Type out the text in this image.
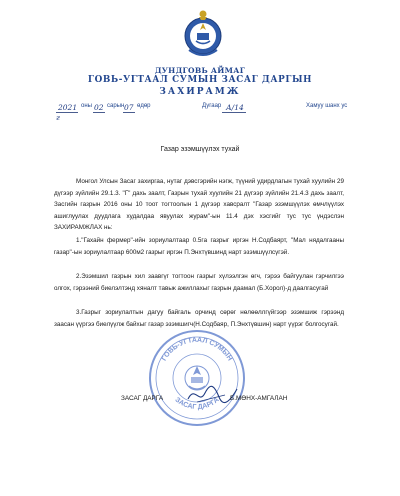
ДУНДГОВЬ АЙМАГ
ГОВЬ-УГТААЛ СУМЫН ЗАСАГ ДАРГЫН
ЗАХИРАМЖ
2021 оны 02 сарын 07 өдөр	Дугаар А/14	Хамуу шанх ус
г
Газар эзэмшүүлэх тухай

Монгол Улсын Засаг захиргаа, нутаг дэвсгэрийн нэгж, түүний удирдлагын тухай хуулийн 29 дүгээр зүйлийн 29.1.3. "Г" дахь заалт, Газрын тухай хуулийн 21 дүгээр зүйлийн 21.4.3 дахь заалт, Засгийн газрын 2016 оны 10 тоот тогтоолын 1 дүгээр хавсралт "Газар эзэмшүүлэх өмчлүүлэх ашиглуулах дуудлага худалдаа явуулах журам"-ын 11.4 дэх хэсгийг тус тус үндэслэн ЗАХИРАМЖЛАХ нь:

1."Гахайн фермер"-ийн зориулалтаар 0.5га газрыг иргэн Н.Содбаярт, "Мал нядалгааны газар"-ын зориулалтаар 600м2 газрыг иргэн П.Энхтүвшинд нарт эзэмшүүлсүгэй.

2.Эзэмшил газрын хил заавгүг тогтоон газрыг хүлээлгэн өгч, гэрээ байгуулан гэрчилгээ олгох, гэрээний биелэлтэнд хяналт тавьж ажиллахыг газрын даамал (Б.Хорол)-д даалгасугай

3.Газрыг зориулалтын дагуу байгаль орчинд сөрөг нөлөөллгүйгээр эзэмшиж гэрээнд заасан үүргээ биелүүлж байхыг газар эзэмшигч(Н.Содбаяр, П.Энхтүвшин) нарт үүрэг болгосугай.

ГОВЬ-УГТААЛ СУМЫН
ЗАСАГ ДАРГА
ЗАСАГ ДАРГА	Б.МӨНХ-АМГАЛАН
